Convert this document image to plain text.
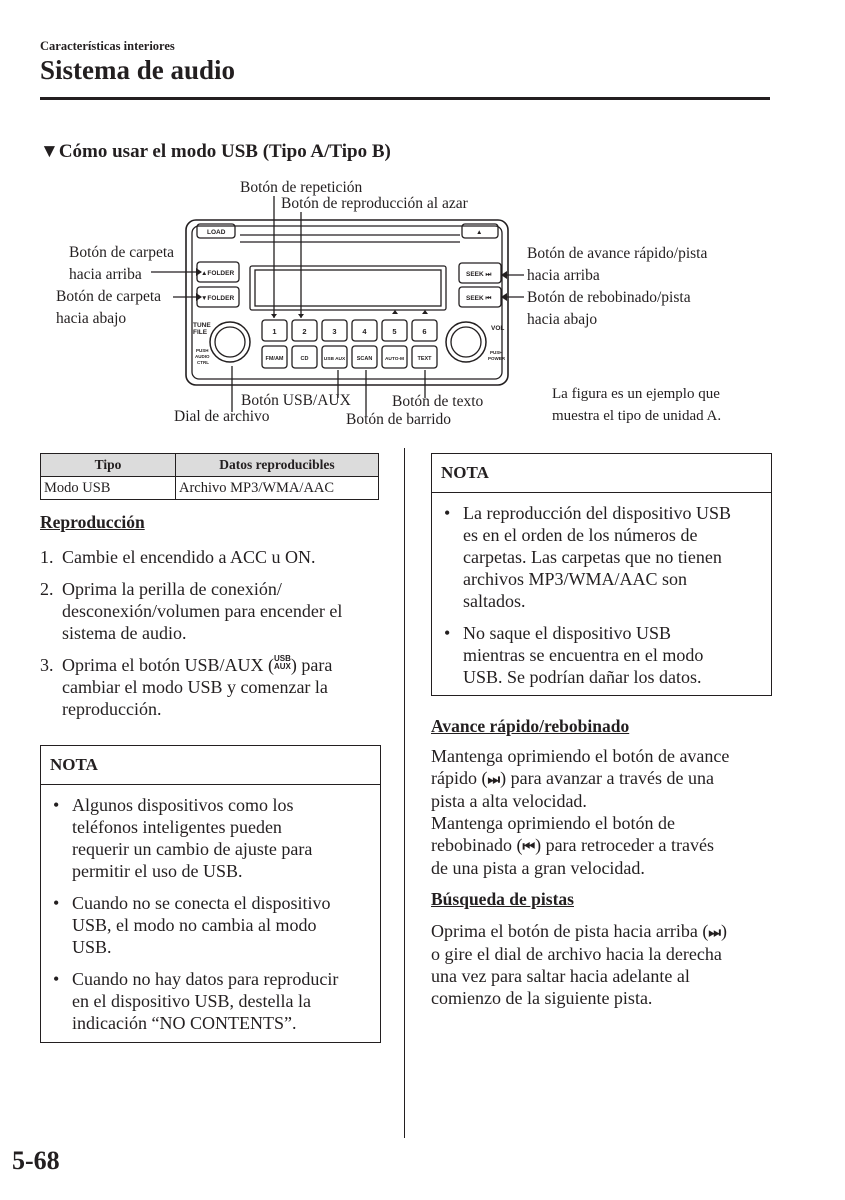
Características interiores
Sistema de audio
▼Cómo usar el modo USB (Tipo A/Tipo B)
Botón de repetición
Botón de reproducción al azar
Botón de carpeta
hacia arriba
Botón de carpeta
hacia abajo
Botón de avance rápido/pista
hacia arriba
Botón de rebobinado/pista
hacia abajo
Botón USB/AUX
Dial de archivo
Botón de texto
Botón de barrido
La figura es un ejemplo que
muestra el tipo de unidad A.
LOAD	▲
▲FOLDER
▼FOLDER
SEEK ⏭
SEEK ⏮
TUNE
FILE
VOL
PUSH
AUDIO
CTRL
PUSH
POWER
1	2	3	4	5	6
FM/AM	CD	USB AUX SCAN	AUTO-M TEXT
Tipo	Datos reproducibles
Modo USB	Archivo MP3/WMA/AAC
Reproducción
1. Cambie el encendido a ACC u ON.
2. Oprima la perilla de conexión/
desconexión/volumen para encender el
sistema de audio.
3. Oprima el botón USB/AUX ( USB
AUX ) para
cambiar el modo USB y comenzar la
reproducción.
NOTA
• Algunos dispositivos como los
teléfonos inteligentes pueden
requerir un cambio de ajuste para
permitir el uso de USB.
• Cuando no se conecta el dispositivo
USB, el modo no cambia al modo
USB.
• Cuando no hay datos para reproducir
en el dispositivo USB, destella la
indicación “NO CONTENTS”.
NOTA
• La reproducción del dispositivo USB
es en el orden de los números de
carpetas. Las carpetas que no tienen
archivos MP3/WMA/AAC son
saltados.
• No saque el dispositivo USB
mientras se encuentra en el modo
USB. Se podrían dañar los datos.
Avance rápido/rebobinado
Mantenga oprimiendo el botón de avance
rápido (⏭) para avanzar a través de una
pista a alta velocidad.
Mantenga oprimiendo el botón de
rebobinado (⏮) para retroceder a través
de una pista a gran velocidad.
Búsqueda de pistas
Oprima el botón de pista hacia arriba (⏭)
o gire el dial de archivo hacia la derecha
una vez para saltar hacia adelante al
comienzo de la siguiente pista.
5-68
